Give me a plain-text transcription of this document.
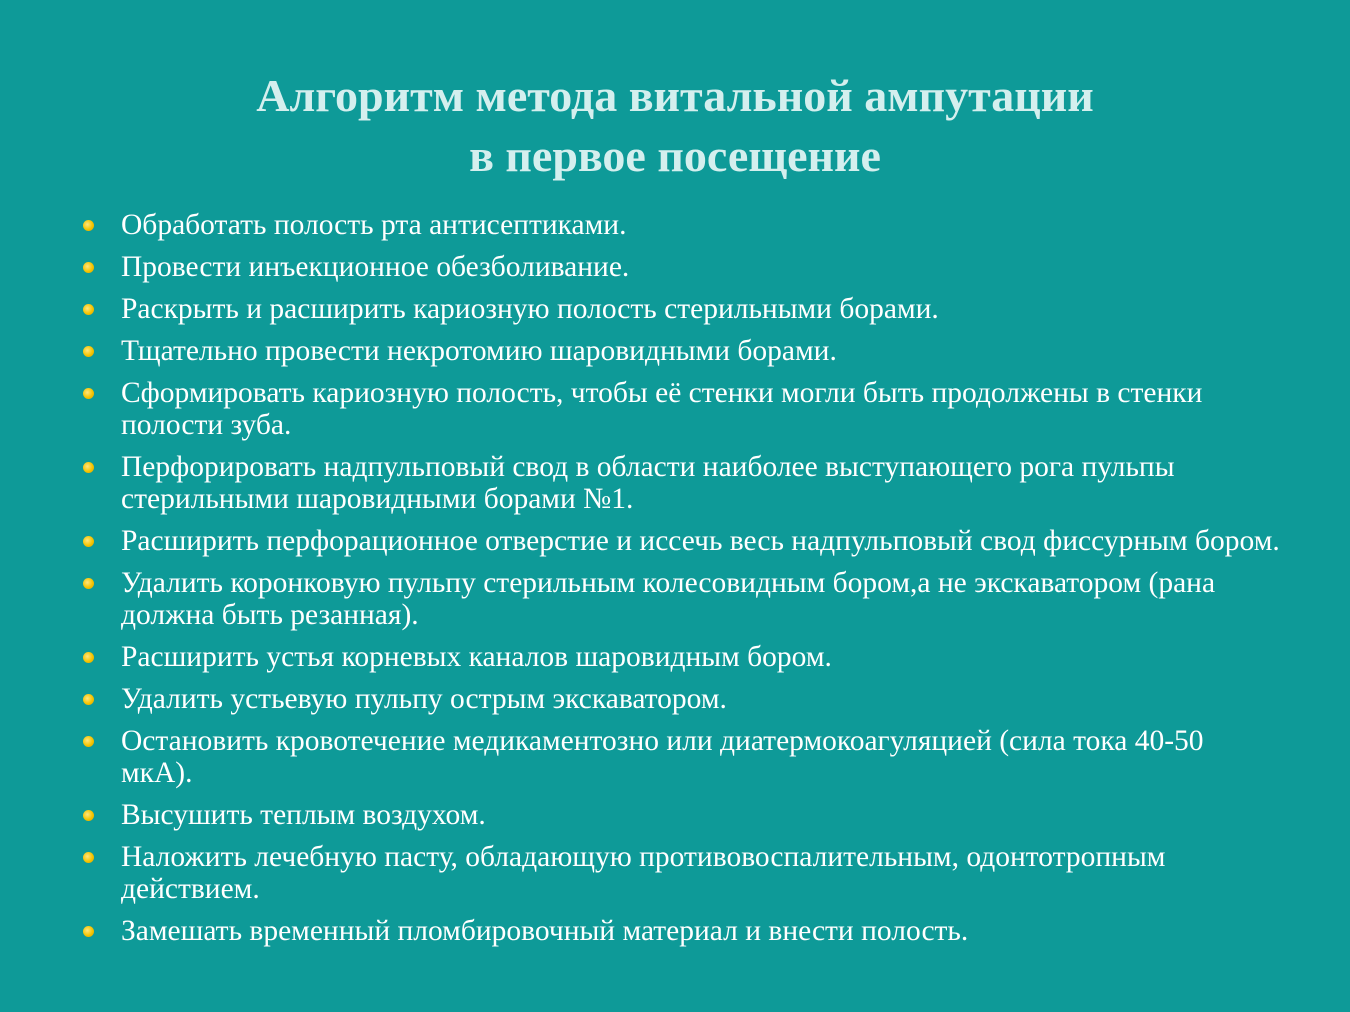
Алгоритм метода витальной ампутации
в первое посещение
Обработать полость рта антисептиками.
Провести инъекционное обезболивание.
Раскрыть и расширить кариозную полость стерильными борами.
Тщательно провести некротомию шаровидными борами.
Сформировать кариозную полость, чтобы её стенки могли быть продолжены в стенки полости зуба.
Перфорировать надпульповый свод в области наиболее выступающего рога пульпы стерильными шаровидными борами №1.
Расширить перфорационное отверстие и иссечь весь надпульповый свод фиссурным бором.
Удалить коронковую пульпу стерильным колесовидным бором,а не экскаватором (рана должна быть резанная).
Расширить устья корневых каналов шаровидным бором.
Удалить устьевую пульпу острым экскаватором.
Остановить кровотечение медикаментозно или диатермокоагуляцией (сила тока 40-50 мкА).
Высушить теплым воздухом.
Наложить лечебную пасту, обладающую противовоспалительным, одонтотропным действием.
Замешать временный пломбировочный материал и внести полость.
